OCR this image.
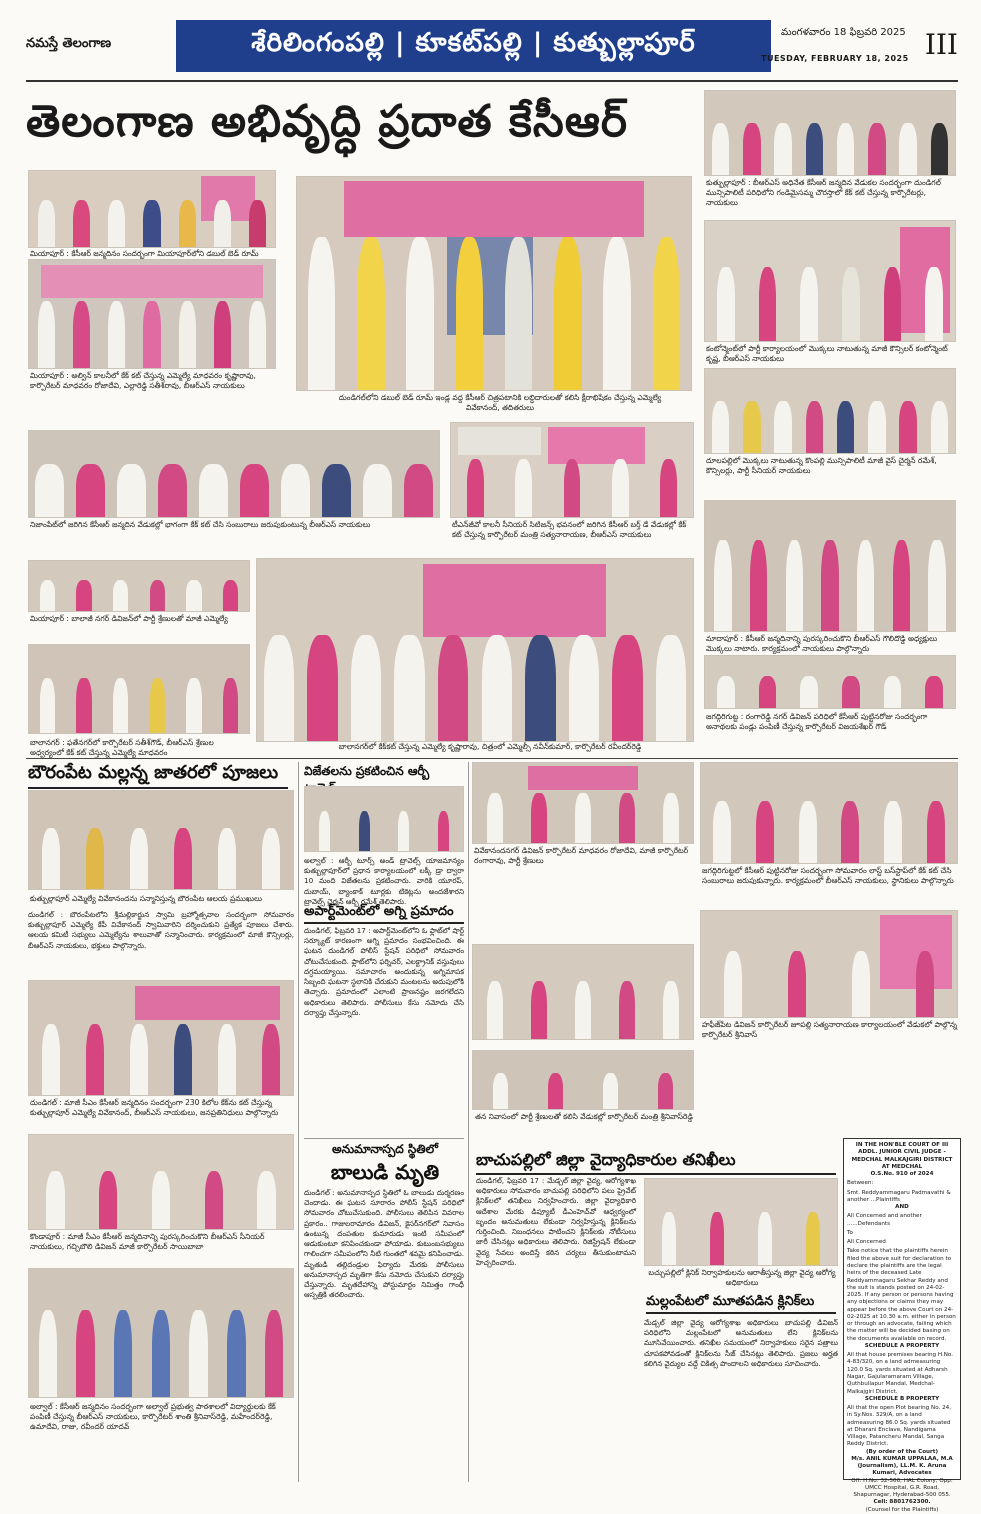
నమస్తే తెలంగాణ	శేరిలింగంపల్లి | కూకట్‌పల్లి | కుత్బుల్లాపూర్	మంగళవారం 18 ఫిబ్రవరి 2025
TUESDAY, FEBRUARY 18, 2025 III
తెలంగాణ అభివృద్ధి ప్రదాత కేసీఆర్
మియాపూర్ : కేసీఆర్ జన్మదినం సందర్భంగా మియాపూర్‌లోని డబుల్ బెడ్ రూమ్
మియాపూర్ : అల్విన్ కాలనీలో కేక్ కట్ చేస్తున్న ఎమ్మెల్యే మాధవరం కృష్ణారావు, కార్పొరేటర్ మాధవరం రోజాదేవి, ఎల్లారెడ్డి సతీశ్‌రావు, బీఆర్ఎస్ నాయకులు
దుండిగల్‌లోని డబుల్ బెడ్ రూమ్ ఇండ్ల వద్ద కేసీఆర్ చిత్రపటానికి లబ్ధిదారులతో కలిసి క్షీరాభిషేకం చేస్తున్న ఎమ్మెల్యే వివేకానంద్, తదితరులు
కుత్బుల్లాపూర్ : బీఆర్ఎస్ అధినేత కేసీఆర్ జన్మదిన వేడుకల సందర్భంగా దుండిగల్ మున్సిపాలిటీ పరిధిలోని గండిమైసమ్మ చౌరస్తాలో కేక్ కట్ చేస్తున్న కార్పొరేటర్లు, నాయకులు
కంటోన్మెంట్‌లో పార్టీ కార్యాలయంలో మొక్కలు నాటుతున్న మాజీ కౌన్సిలర్ కంటోన్మెంట్ కృష్ణ, బీఆర్ఎస్ నాయకులు
దూలపల్లిలో మొక్కలు నాటుతున్న కొంపల్లి మున్సిపాలిటీ మాజీ వైస్ చైర్మన్ రమేశ్, కౌన్సిలర్లు, పార్టీ సీనియర్ నాయకులు
మాదాపూర్ : కేసీఆర్ జన్మదినాన్ని పురస్కరించుకొని బీఆర్ఎస్ గౌలిదొడ్డి అధ్యక్షులు మొక్కలు నాటారు. కార్యక్రమంలో నాయకులు పాల్గొన్నారు
జగద్గిరిగుట్ట : రంగారెడ్డి నగర్ డివిజన్ పరిధిలో కేసీఆర్ పుట్టినరోజు సందర్భంగా అనాథలకు పండ్లు పంపిణీ చేస్తున్న కార్పొరేటర్ విజయశేఖర్ గౌడ్
నిజాంపేట్‌లో జరిగిన కేసీఆర్ జన్మదిన వేడుకల్లో భాగంగా కేక్ కట్ చేసి సంబురాలు జరుపుకుంటున్న బీఆర్ఎస్ నాయకులు	టీఎన్‌జీవో కాలనీ సీనియర్ సిటిజన్స్ భవనంలో జరిగిన కేసీఆర్ బర్త్ డే వేడుకల్లో కేక్ కట్ చేస్తున్న కార్పొరేటర్ మంత్రి సత్యనారాయణ, బీఆర్ఎస్ నాయకులు
మియాపూర్ : బాలాజీ నగర్ డివిజన్‌లో పార్టీ శ్రేణులతో మాజీ ఎమ్మెల్యే
బాలానగర్ : ఫతేనగర్‌లో కార్పొరేటర్ సతీశ్‌గౌడ్, బీఆర్ఎస్ శ్రేణుల అధ్వర్యంలో కేక్ కట్ చేస్తున్న ఎమ్మెల్యే మాధవరం
బాలానగర్‌లో కేక్‌కట్ చేస్తున్న ఎమ్మెల్యే కృష్ణారావు, చిత్రంలో ఎమ్మెల్సీ నవీన్‌కుమార్, కార్పొరేటర్ రవీందర్‌రెడ్డి
బౌరంపేట మల్లన్న జాతరలో పూజలు
కుత్బుల్లాపూర్ ఎమ్మెల్యే వివేకానందను సన్మానిస్తున్న బౌరంపేట ఆలయ ప్రముఖులు
దుండిగల్ : బౌరంపేటలోని శ్రీమల్లికార్జున స్వామి బ్రహ్మోత్సవాల సందర్భంగా సోమవారం కుత్బుల్లాపూర్ ఎమ్మెల్యే కేపీ వివేకానంద్ స్వామివారిని దర్శించుకుని ప్రత్యేక పూజలు చేశారు. ఆలయ కమిటీ సభ్యులు ఎమ్మెల్యేను శాలువాతో సన్మానించారు. కార్యక్రమంలో మాజీ కౌన్సిలర్లు, బీఆర్ఎస్ నాయకులు, భక్తులు పాల్గొన్నారు.
దుండిగల్ : మాజీ సీఎం కేసీఆర్ జన్మదినం సందర్భంగా 230 కిలోల కేక్‌ను కట్ చేస్తున్న కుత్బుల్లాపూర్ ఎమ్మెల్యే వివేకానంద్, బీఆర్ఎస్ నాయకులు, జనప్రతినిధులు పాల్గొన్నారు
కొండాపూర్ : మాజీ సీఎం కేసీఆర్ జన్మదినాన్ని పురస్కరించుకొని బీఆర్ఎస్ సీనియర్ నాయకులు, గచ్చిబౌలి డివిజన్ మాజీ కార్పొరేటర్ సాయిబాబా
అల్వాల్ : కేసీఆర్ జన్మదినం సందర్భంగా అల్వాల్ ప్రభుత్వ పాఠశాలలో విద్యార్థులకు కేక్ పంపిణీ చేస్తున్న బీఆర్ఎస్ నాయకులు, కార్పొరేటర్ శాంతి శ్రీనివాస్‌రెడ్డి, మహేందర్‌రెడ్డి, ఉమాదేవి, రాజు, రవీందర్‌ యాదవ్
విజేతలను ప్రకటించిన ఆర్బీ
అల్వాల్ : ఆర్బీ టూర్స్ అండ్ ట్రావెల్స్ యాజమాన్యం కుత్బుల్లాపూర్‌లో ప్రధాన కార్యాలయంలో లక్కీ డ్రా ద్వారా 10 మంది విజేతలను ప్రకటించారు. వారికి యూరప్, దుబాయ్, బ్యాంకాక్ టూర్లకు టికెట్లను అందజేశారని ట్రావెల్స్ చైర్మన్ ఆర్బీ రమేశ్ తెలిపారు.
అపార్ట్‌మెంట్‌లో అగ్ని ప్రమాదం
దుండిగల్, ఫిబ్రవరి 17 : అపార్ట్‌మెంట్‌లోని ఓ ఫ్లాట్‌లో షార్ట్ సర్క్యూట్ కారణంగా అగ్ని ప్రమాదం సంభవించింది. ఈ ఘటన దుండిగల్ పోలీస్ స్టేషన్ పరిధిలో సోమవారం చోటుచేసుకుంది. ఫ్లాట్‌లోని ఫర్నిచర్, ఎలక్ట్రానిక్ వస్తువులు దగ్ధమయ్యాయి. సమాచారం అందుకున్న అగ్నిమాపక సిబ్బంది ఘటనా స్థలానికి చేరుకుని మంటలను అదుపులోకి తెచ్చారు. ప్రమాదంలో ఎలాంటి ప్రాణనష్టం జరగలేదని అధికారులు తెలిపారు. పోలీసులు కేసు నమోదు చేసి దర్యాప్తు చేస్తున్నారు.
అనుమానాస్పద స్థితిలో
బాలుడి మృతి
దుండిగల్ : అనుమానాస్పద స్థితిలో ఓ బాలుడు దుర్మరణం చెందాడు. ఈ ఘటన సూరారం పోలీస్ స్టేషన్ పరిధిలో సోమవారం చోటుచేసుకుంది. పోలీసులు తెలిపిన వివరాల ప్రకారం.. గాజులరామారం డివిజన్, కైసర్‌నగర్‌లో నివాసం ఉంటున్న దంపతుల కుమారుడు ఇంటి సమీపంలో ఆడుకుంటూ కనిపించకుండా పోయాడు. కుటుంబసభ్యులు గాలించగా సమీపంలోని నీటి గుంతలో శవమై కనిపించాడు. మృతుడి తల్లిదండ్రుల ఫిర్యాదు మేరకు పోలీసులు అనుమానాస్పద మృతిగా కేసు నమోదు చేసుకుని దర్యాప్తు చేస్తున్నారు. మృతదేహాన్ని పోస్టుమార్టం నిమిత్తం గాంధీ ఆస్పత్రికి తరలించారు.
వివేకానందనగర్ డివిజన్ కార్పొరేటర్ మాధవరం రోజాదేవి, మాజీ కార్పొరేటర్ రంగారావు, పార్టీ శ్రేణులు
తన నివాసంలో పార్టీ శ్రేణులతో కలిసి వేడుకల్లో కార్పొరేటర్ మంత్రి శ్రీనివాస్‌రెడ్డి
జగద్గిరిగుట్టలో కేసీఆర్ పుట్టినరోజు సందర్భంగా సోమవారం లాస్ట్ బస్‌స్టాప్‌లో కేక్ కట్ చేసి సంబురాలు జరుపుకున్నారు. కార్యక్రమంలో బీఆర్ఎస్ నాయకులు, స్థానికులు పాల్గొన్నారు
హఫీజ్‌పేట డివిజన్ కార్పొరేటర్ జూపల్లి సత్యనారాయణ కార్యాలయంలో వేడుకలో పాల్గొన్న కార్పొరేటర్ శ్రీనివాస్
బాచుపల్లిలో జిల్లా వైద్యాధికారుల తనిఖీలు
దుండిగల్, ఫిబ్రవరి 17 : మేడ్చల్ జిల్లా వైద్య, ఆరోగ్యశాఖ అధికారులు సోమవారం బాచుపల్లి పరిధిలోని పలు ప్రైవేట్ క్లినిక్‌లలో తనిఖీలు నిర్వహించారు. జిల్లా వైద్యాధికారి ఆదేశాల మేరకు డిప్యూటీ డీఎంహెచ్‌వో ఆధ్వర్యంలో బృందం అనుమతులు లేకుండా నిర్వహిస్తున్న క్లినిక్‌లను గుర్తించింది. నిబంధనలు పాటించని క్లినిక్‌లకు నోటీసులు జారీ చేసినట్లు అధికారులు తెలిపారు. రిజిస్ట్రేషన్ లేకుండా వైద్య సేవలు అందిస్తే కఠిన చర్యలు తీసుకుంటామని హెచ్చరించారు.
బచ్చుపల్లిలో క్లినిక్ నిర్వాహకులను ఆరాతీస్తున్న జిల్లా వైద్య ఆరోగ్య అధికారులు
మల్లంపేటలో మూతపడిన క్లినిక్‌లు
మేడ్చల్ జిల్లా వైద్య ఆరోగ్యశాఖ అధికారులు బాచుపల్లి డివిజన్ పరిధిలోని మల్లంపేటలో అనుమతులు లేని క్లినిక్‌లను మూసివేయించారు. తనిఖీల సమయంలో నిర్వాహకులు సరైన పత్రాలు చూపకపోవడంతో క్లినిక్‌లను సీజ్ చేసినట్లు తెలిపారు. ప్రజలు అర్హత కలిగిన వైద్యుల వద్దే చికిత్స పొందాలని అధికారులు సూచించారు.
IN THE HON'BLE COURT OF III ADDL. JUNIOR CIVIL JUDGE - MEDCHAL MALKAJGIRI DISTRICT AT MEDCHAL
O.S.No. 910 of 2024

Between:

Smt. Reddyammagaru Padmavathi & another ...Plaintiffs

AND

All Concerned and another ......Defendants

To

All Concerned

Take notice that the plaintiffs herein filed the above suit for declaration to declare the plaintiffs are the legal heirs of the deceased Late Reddyammagaru Sekhar Reddy and the suit is stands posted on 24-02-2025. If any person or persons having any objections or claims they may appear before the above Court on 24-02-2025 at 10.30 a.m. either in person or through an advocate, failing which the matter will be decided basing on the documents available on record.

SCHEDULE A PROPERTY

All that house premises bearing H.No. 4-83/320, on a land admeasuring 120.0 Sq. yards situated at Adharsh Nagar, Gajularamaram Village, Quthbullapur Mandal, Medchal-Malkajgiri District.

SCHEDULE B PROPERTY

All that the open Plot bearing No. 24, in Sy.Nos. 329/A, on a land admeasuring 86.0 Sq. yards situated at Dharani Enclave, Nandigama Village, Patancheru Mandal, Sanga Reddy District.

(By order of the Court)
M/s. ANIL KUMAR UPPALAA, M.A (Journalism), LL.M. K. Aruna Kumari, Advocates
Off: H.No: 32-566, HAL Colony, Opp: UMCC Hospital, G.R. Road, Shapurnagar, Hyderabad-500 055.
Cell: 8801762300.
(Counsel for the Plaintiffs)
